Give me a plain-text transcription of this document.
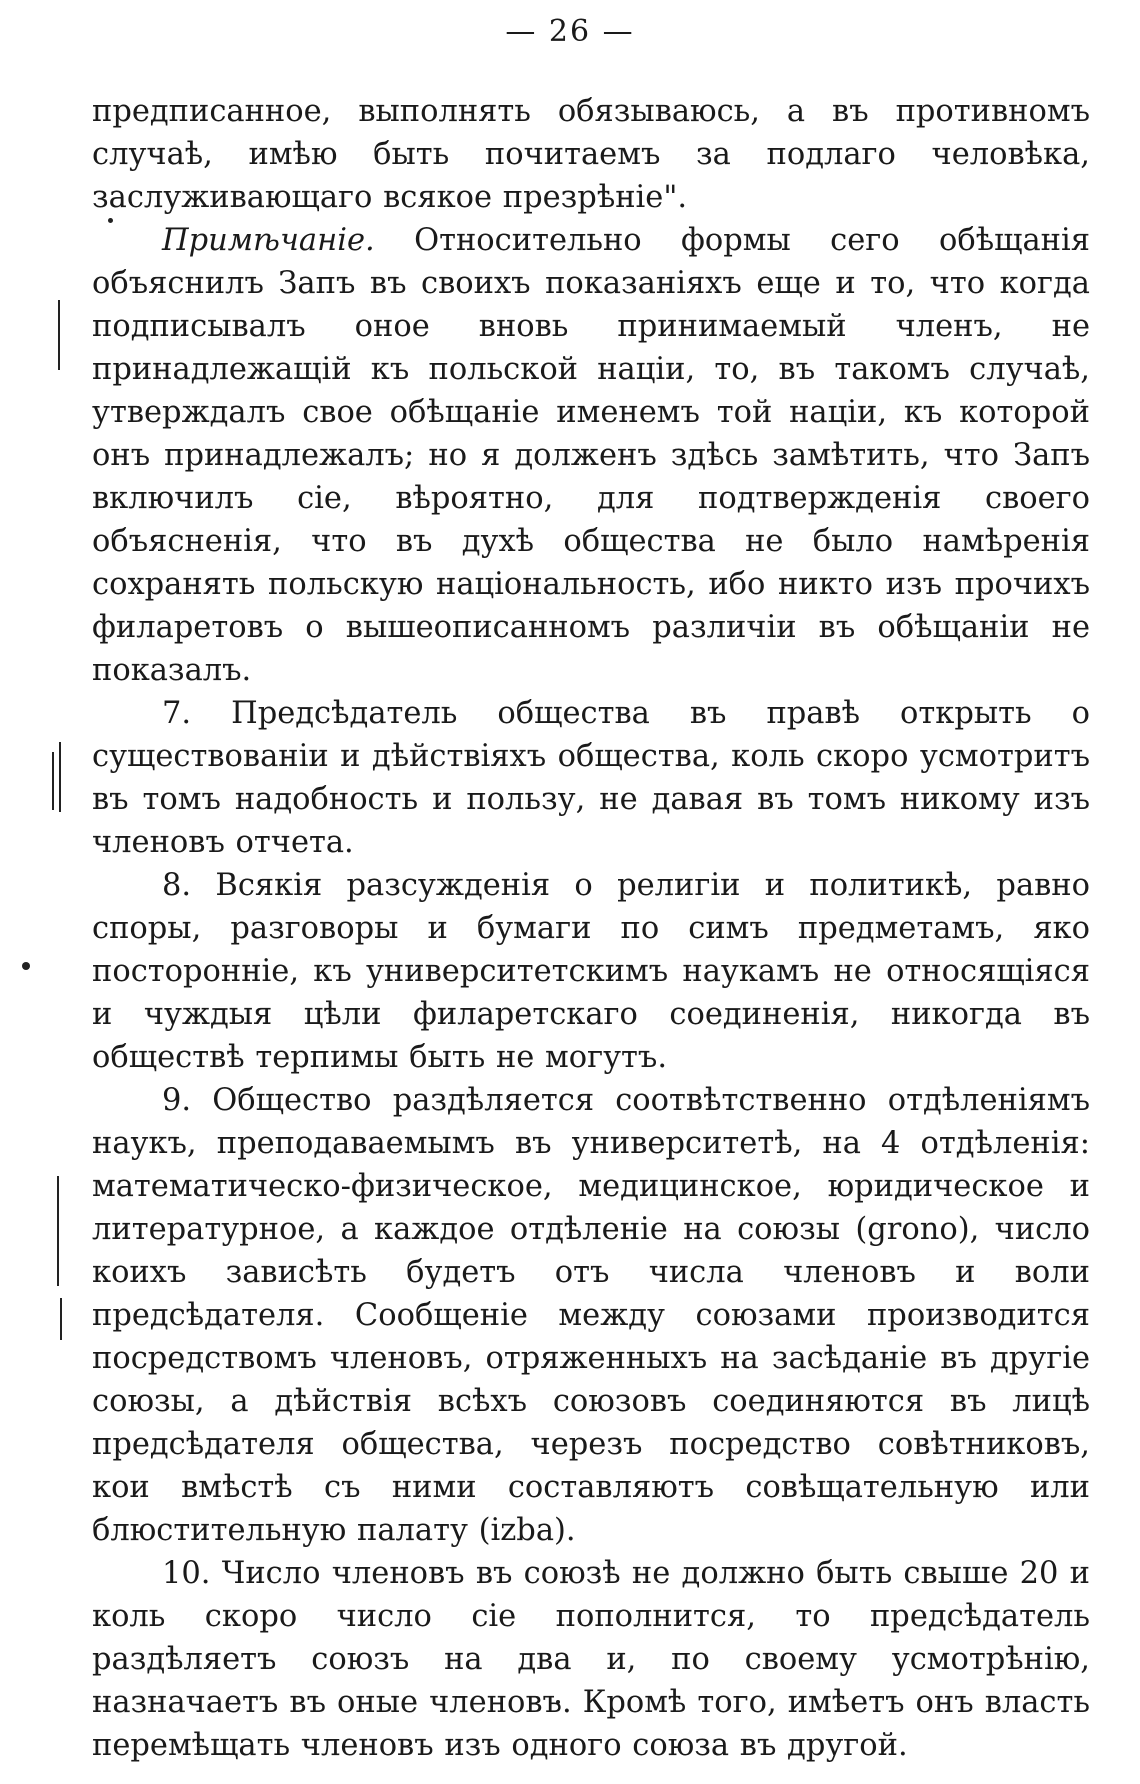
— 26 —

предписанное, выполнять обязываюсь, а въ противномъ случаѣ, имѣю быть почитаемъ за подлаго человѣка, заслуживающаго всякое презрѣніе".

Примѣчаніе. Относительно формы сего обѣщанія объяснилъ Запъ въ своихъ показаніяхъ еще и то, что когда подписывалъ оное вновь принимаемый членъ, не принадлежащій къ польской націи, то, въ такомъ случаѣ, утверждалъ свое обѣщаніе именемъ той націи, къ которой онъ принадлежалъ; но я долженъ здѣсь замѣтить, что Запъ включилъ сіе, вѣроятно, для подтвержденія своего объясненія, что въ духѣ общества не было намѣренія сохранять польскую національность, ибо никто изъ прочихъ филаретовъ о вышеописанномъ различіи въ обѣщаніи не показалъ.

7. Предсѣдатель общества въ правѣ открыть о существованіи и дѣйствіяхъ общества, коль скоро усмотритъ въ томъ надобность и пользу, не давая въ томъ никому изъ членовъ отчета.

8. Всякія разсужденія о религіи и политикѣ, равно споры, разговоры и бумаги по симъ предметамъ, яко посторонніе, къ университетскимъ наукамъ не относящіяся и чуждыя цѣли филаретскаго соединенія, никогда въ обществѣ терпимы быть не могутъ.

9. Общество раздѣляется соотвѣтственно отдѣленіямъ наукъ, преподаваемымъ въ университетѣ, на 4 отдѣленія: математическо-физическое, медицинское, юридическое и литературное, а каждое отдѣленіе на союзы (grono), число коихъ зависѣть будетъ отъ числа членовъ и воли предсѣдателя. Сообщеніе между союзами производится посредствомъ членовъ, отряженныхъ на засѣданіе въ другіе союзы, а дѣйствія всѣхъ союзовъ соединяются въ лицѣ предсѣдателя общества, черезъ посредство совѣтниковъ, кои вмѣстѣ съ ними составляютъ совѣщательную или блюстительную палату (izba).

10. Число членовъ въ союзѣ не должно быть свыше 20 и коль скоро число сіе пополнится, то предсѣдатель раздѣляетъ союзъ на два и, по своему усмотрѣнію, назначаетъ въ оные членовъ. Кромѣ того, имѣетъ онъ власть перемѣщать членовъ изъ одного союза въ другой.
